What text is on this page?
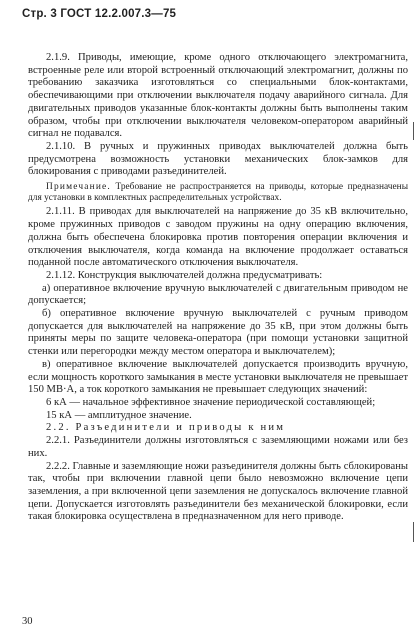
Стр. 3 ГОСТ 12.2.007.3—75

2.1.9. Приводы, имеющие, кроме одного отключающего электромагнита, встроенные реле или второй встроенный отключающий электромагнит, должны по требованию заказчика изготовляться со специальными блок-контактами, обеспечивающими при отключении выключателя подачу аварийного сигнала. Для двигательных приводов указанные блок-контакты должны быть выполнены таким образом, чтобы при отключении выключателя человеком-оператором аварийный сигнал не подавался.

2.1.10. В ручных и пружинных приводах выключателей должна быть предусмотрена возможность установки механических блок-замков для блокирования с приводами разъединителей.

Примечание. Требование не распространяется на приводы, которые предназначены для установки в комплектных распределительных устройствах.

2.1.11. В приводах для выключателей на напряжение до 35 кВ включительно, кроме пружинных приводов с заводом пружины на одну операцию включения, должна быть обеспечена блокировка против повторения операции включения и отключения выключателя, когда команда на включение продолжает оставаться поданной после автоматического отключения выключателя.

2.1.12. Конструкция выключателей должна предусматривать:

а) оперативное включение вручную выключателей с двигательным приводом не допускается;

б) оперативное включение вручную выключателей с ручным приводом допускается для выключателей на напряжение до 35 кВ, при этом должны быть приняты меры по защите человека-оператора (при помощи установки защитной стенки или перегородки между местом оператора и выключателем);

в) оперативное включение выключателей допускается производить вручную, если мощность короткого замыкания в месте установки выключателя не превышает 150 МВ·А, а ток короткого замыкания не превышает следующих значений:

6 кА — начальное эффективное значение периодической составляющей;

15 кА — амплитудное значение.

2.2. Разъединители и приводы к ним

2.2.1. Разъединители должны изготовляться с заземляющими ножами или без них.

2.2.2. Главные и заземляющие ножи разъединителя должны быть сблокированы так, чтобы при включении главной цепи было невозможно включение цепи заземления, а при включенной цепи заземления не допускалось включение главной цепи. Допускается изготовлять разъединители без механической блокировки, если такая блокировка осуществлена в предназначенном для него приводе.

30
